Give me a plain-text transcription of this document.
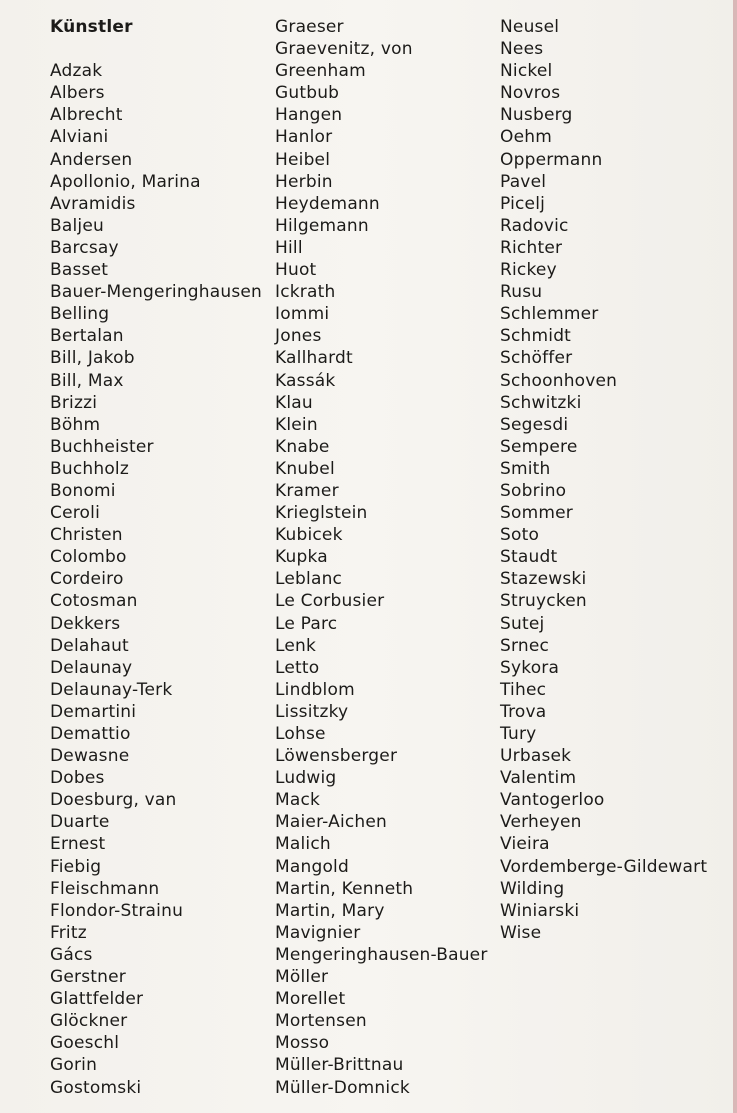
Künstler
Adzak
Albers
Albrecht
Alviani
Andersen
Apollonio, Marina
Avramidis
Baljeu
Barcsay
Basset
Bauer-Mengeringhausen
Belling
Bertalan
Bill, Jakob
Bill, Max
Brizzi
Böhm
Buchheister
Buchholz
Bonomi
Ceroli
Christen
Colombo
Cordeiro
Cotosman
Dekkers
Delahaut
Delaunay
Delaunay-Terk
Demartini
Demattio
Dewasne
Dobes
Doesburg, van
Duarte
Ernest
Fiebig
Fleischmann
Flondor-Strainu
Fritz
Gács
Gerstner
Glattfelder
Glöckner
Goeschl
Gorin
Gostomski
Graeser
Graevenitz, von
Greenham
Gutbub
Hangen
Hanlor
Heibel
Herbin
Heydemann
Hilgemann
Hill
Huot
Ickrath
Iommi
Jones
Kallhardt
Kassák
Klau
Klein
Knabe
Knubel
Kramer
Krieglstein
Kubicek
Kupka
Leblanc
Le Corbusier
Le Parc
Lenk
Letto
Lindblom
Lissitzky
Lohse
Löwensberger
Ludwig
Mack
Maier-Aichen
Malich
Mangold
Martin, Kenneth
Martin, Mary
Mavignier
Mengeringhausen-Bauer
Möller
Morellet
Mortensen
Mosso
Müller-Brittnau
Müller-Domnick
Neusel
Nees
Nickel
Novros
Nusberg
Oehm
Oppermann
Pavel
Picelj
Radovic
Richter
Rickey
Rusu
Schlemmer
Schmidt
Schöffer
Schoonhoven
Schwitzki
Segesdi
Sempere
Smith
Sobrino
Sommer
Soto
Staudt
Stazewski
Struycken
Sutej
Srnec
Sykora
Tihec
Trova
Tury
Urbasek
Valentim
Vantogerloo
Verheyen
Vieira
Vordemberge-Gildewart
Wilding
Winiarski
Wise
